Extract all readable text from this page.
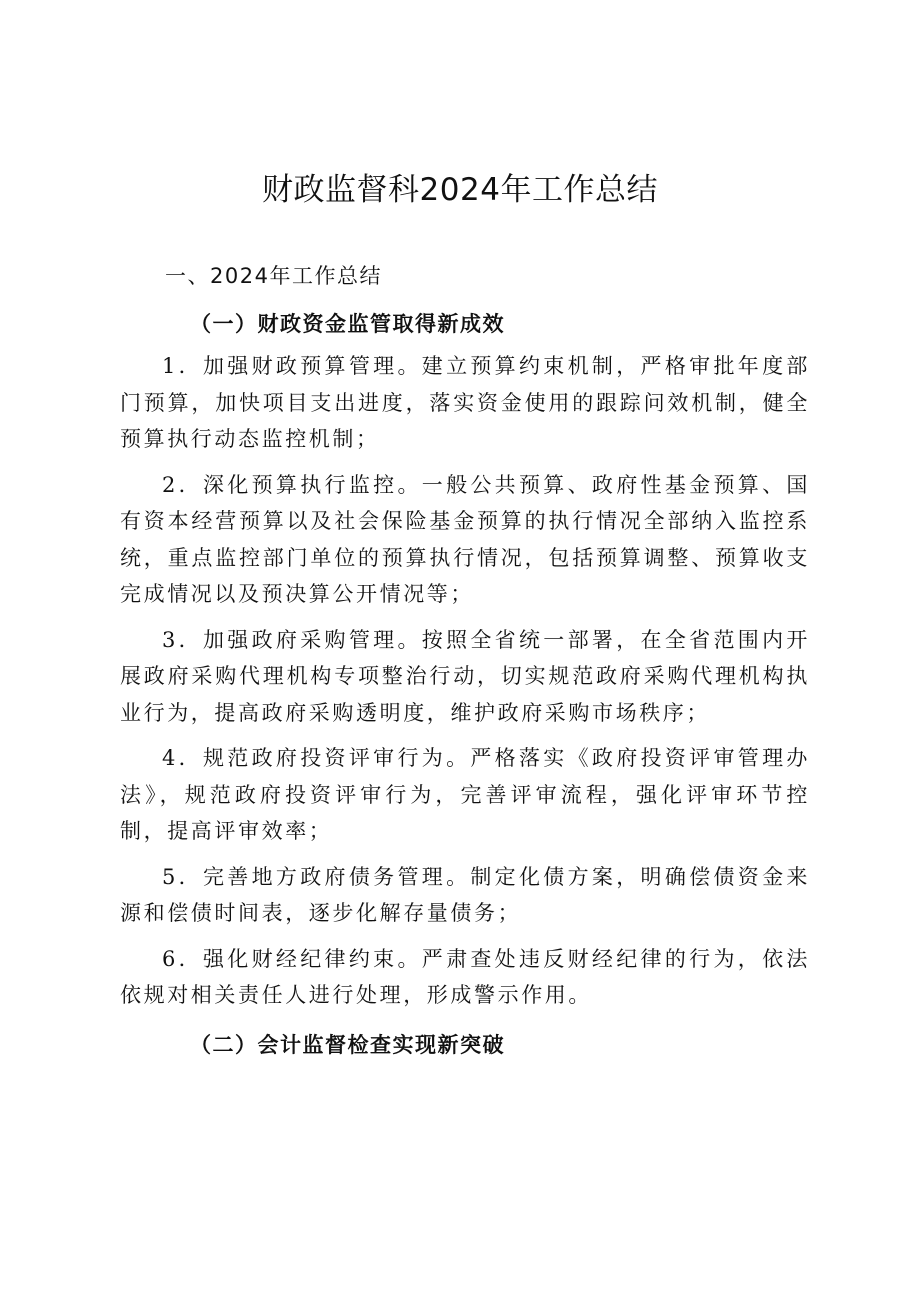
财政监督科2024年工作总结
一、2024年工作总结
（一）财政资金监管取得新成效

1．加强财政预算管理。建立预算约束机制，严格审批年度部门预算，加快项目支出进度，落实资金使用的跟踪问效机制，健全预算执行动态监控机制；

2．深化预算执行监控。一般公共预算、政府性基金预算、国有资本经营预算以及社会保险基金预算的执行情况全部纳入监控系统，重点监控部门单位的预算执行情况，包括预算调整、预算收支完成情况以及预决算公开情况等；

3．加强政府采购管理。按照全省统一部署，在全省范围内开展政府采购代理机构专项整治行动，切实规范政府采购代理机构执业行为，提高政府采购透明度，维护政府采购市场秩序；

4．规范政府投资评审行为。严格落实《政府投资评审管理办法》，规范政府投资评审行为，完善评审流程，强化评审环节控制，提高评审效率；

5．完善地方政府债务管理。制定化债方案，明确偿债资金来源和偿债时间表，逐步化解存量债务；

6．强化财经纪律约束。严肃查处违反财经纪律的行为，依法依规对相关责任人进行处理，形成警示作用。

（二）会计监督检查实现新突破
